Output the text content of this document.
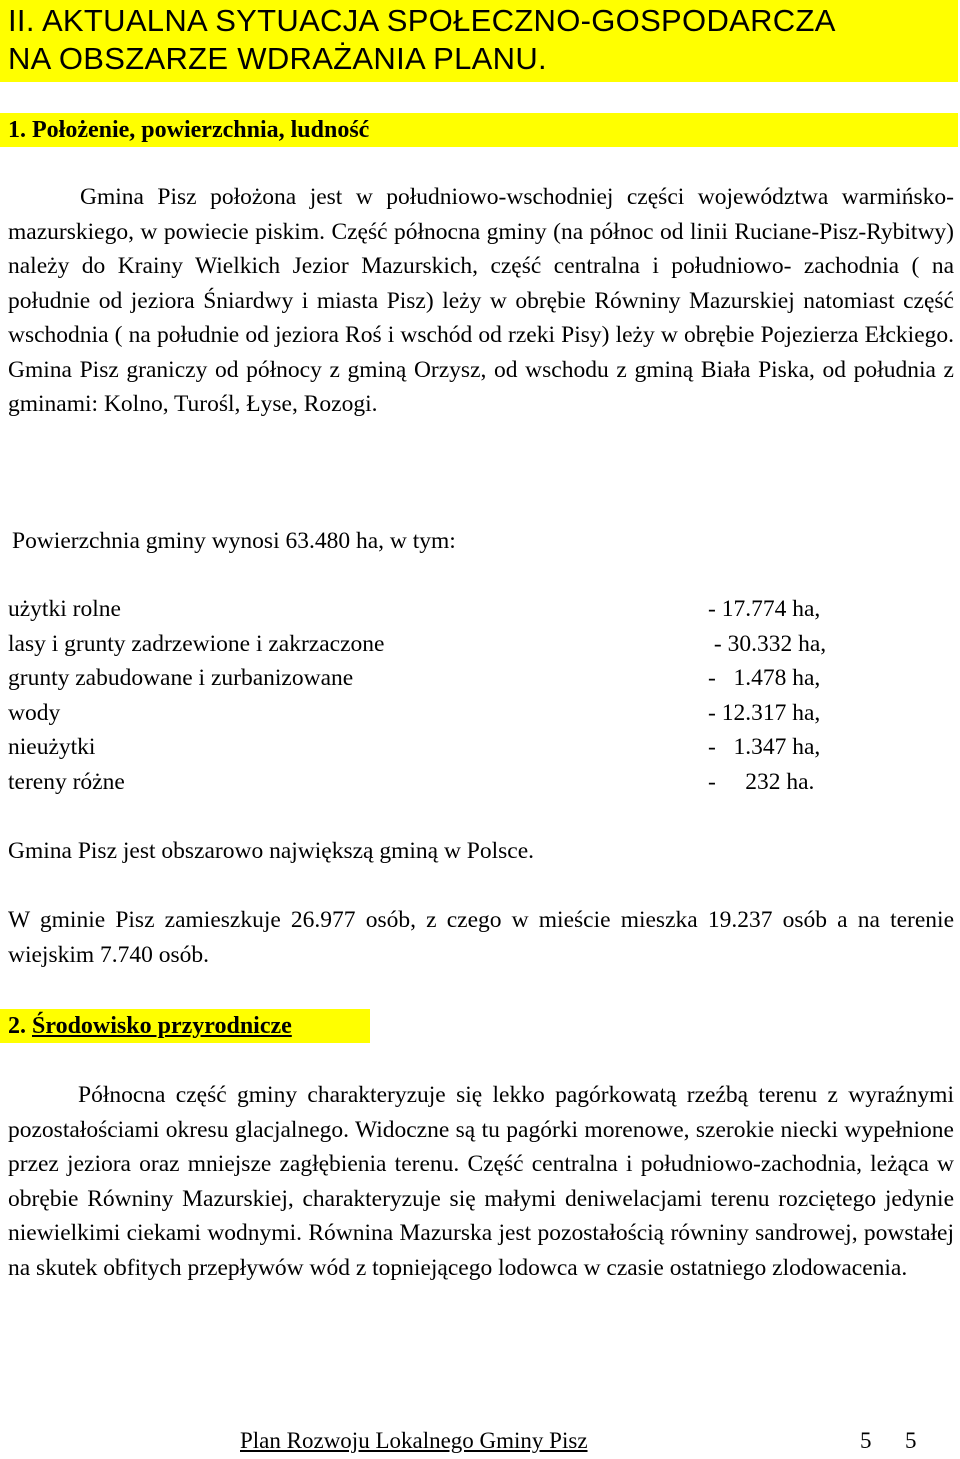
II. AKTUALNA SYTUACJA SPOŁECZNO-GOSPODARCZA
NA OBSZARZE WDRAŻANIA PLANU.
1. Położenie, powierzchnia, ludność
Gmina Pisz położona jest w południowo-wschodniej części województwa warmińsko-mazurskiego, w powiecie piskim. Część północna gminy (na północ od linii Ruciane-Pisz-Rybitwy) należy do Krainy Wielkich Jezior Mazurskich, część centralna i południowo- zachodnia ( na południe od jeziora Śniardwy i miasta Pisz) leży w obrębie Równiny Mazurskiej natomiast część wschodnia ( na południe od jeziora Roś i wschód od rzeki Pisy) leży w obrębie Pojezierza Ełckiego. Gmina Pisz graniczy od północy z gminą Orzysz, od wschodu z gminą Biała Piska, od południa z gminami: Kolno, Turośl, Łyse, Rozogi.
Powierzchnia gminy wynosi 63.480 ha, w tym:
użytki rolne	- 17.774 ha,
lasy i grunty zadrzewione i zakrzaczone	- 30.332 ha,
grunty zabudowane i zurbanizowane	-   1.478 ha,
wody	- 12.317 ha,
nieużytki	-   1.347 ha,
tereny różne	-     232 ha.
Gmina Pisz jest obszarowo największą gminą w Polsce.
W gminie Pisz zamieszkuje 26.977 osób, z czego w mieście mieszka 19.237 osób a na terenie wiejskim 7.740 osób.
2. Środowisko przyrodnicze
Północna część gminy charakteryzuje się lekko pagórkowatą rzeźbą terenu z wyraźnymi pozostałościami okresu glacjalnego. Widoczne są tu pagórki morenowe, szerokie niecki wypełnione przez jeziora oraz mniejsze zagłębienia terenu. Część centralna i południowo-zachodnia, leżąca w obrębie Równiny Mazurskiej, charakteryzuje się małymi deniwelacjami terenu rozciętego jedynie niewielkimi ciekami wodnymi. Równina Mazurska jest pozostałością równiny sandrowej, powstałej na skutek obfitych przepływów wód z topniejącego lodowca w czasie ostatniego zlodowacenia.
Plan Rozwoju Lokalnego Gminy Pisz	5 5
